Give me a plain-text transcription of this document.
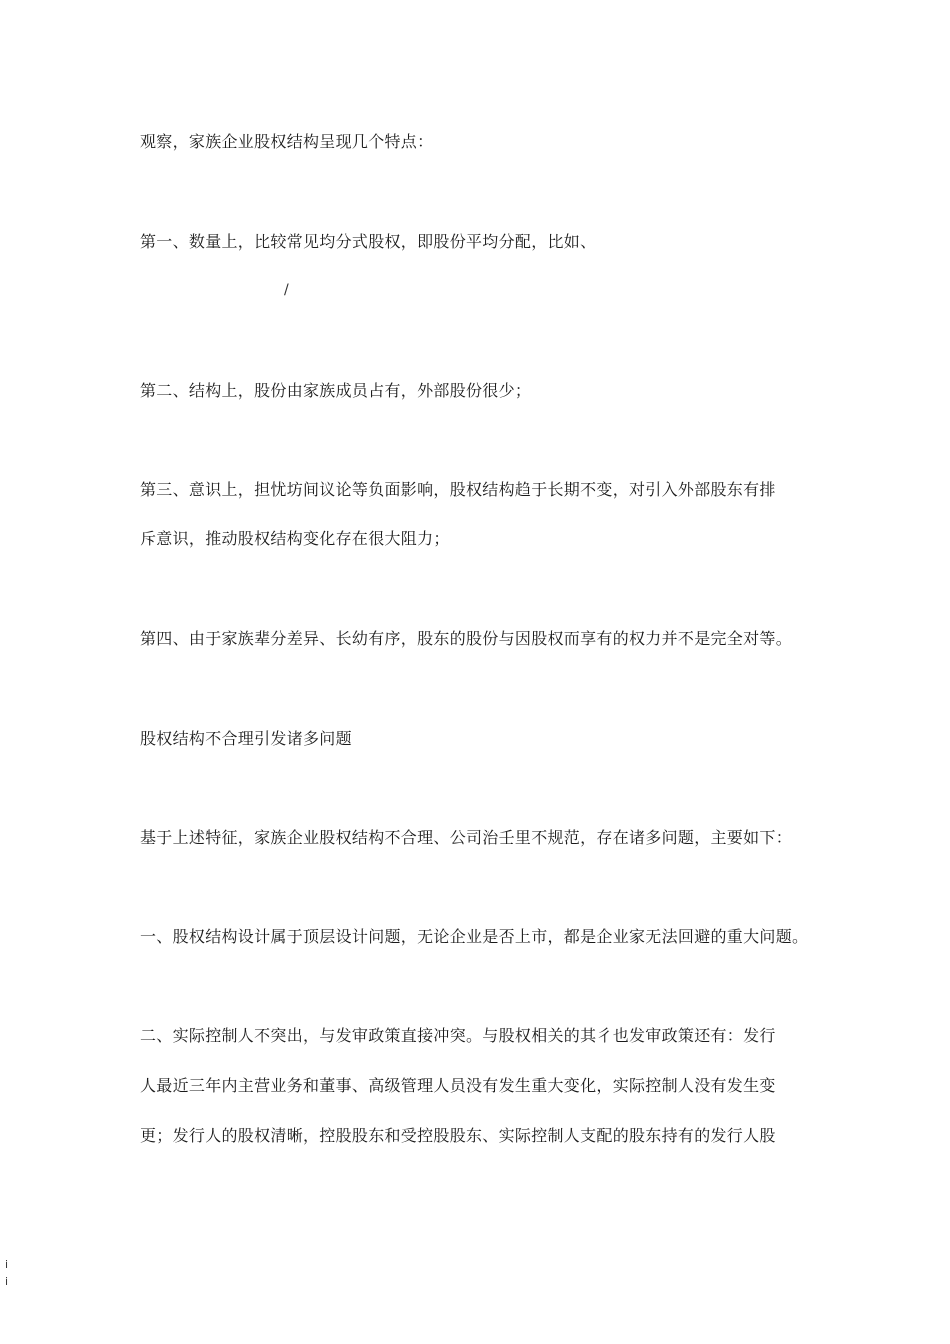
观察，家族企业股权结构呈现几个特点：
第一、数量上，比较常见均分式股权，即股份平均分配，比如、
/
第二、结构上，股份由家族成员占有，外部股份很少；
第三、意识上，担忧坊间议论等负面影响，股权结构趋于长期不变，对引入外部股东有排
斥意识，推动股权结构变化存在很大阻力；
第四、由于家族辈分差异、长幼有序，股东的股份与因股权而享有的权力并不是完全对等。
股权结构不合理引发诸多问题
基于上述特征，家族企业股权结构不合理、公司治壬里不规范，存在诸多问题，主要如下：
一、股权结构设计属于顶层设计问题，无论企业是否上市，都是企业家无法回避的重大问题。
二、实际控制人不突出，与发审政策直接冲突。与股权相关的其彳也发审政策还有：发行
人最近三年内主营业务和董事、高级管理人员没有发生重大变化，实际控制人没有发生变
更；发行人的股权清晰，控股股东和受控股股东、实际控制人支配的股东持有的发行人股
i
i
